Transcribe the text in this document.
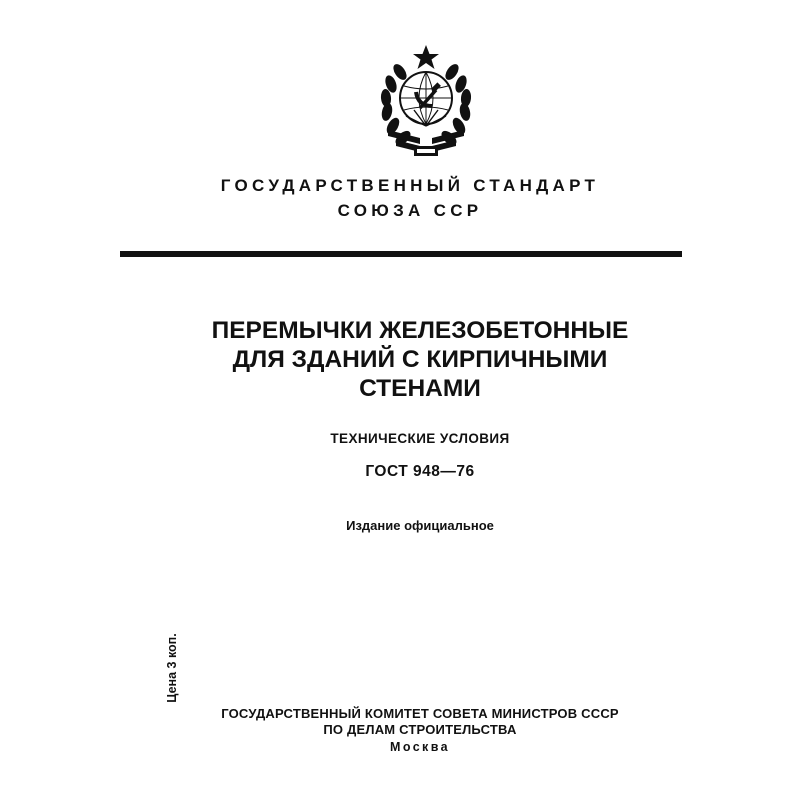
ГОСУДАРСТВЕННЫЙ СТАНДАРТ
СОЮЗА ССР
ПЕРЕМЫЧКИ ЖЕЛЕЗОБЕТОННЫЕ
ДЛЯ ЗДАНИЙ С КИРПИЧНЫМИ
СТЕНАМИ
ТЕХНИЧЕСКИЕ УСЛОВИЯ
ГОСТ 948—76
Издание официальное
Цена 3 коп.
ГОСУДАРСТВЕННЫЙ КОМИТЕТ СОВЕТА МИНИСТРОВ СССР
ПО ДЕЛАМ СТРОИТЕЛЬСТВА
Москва
